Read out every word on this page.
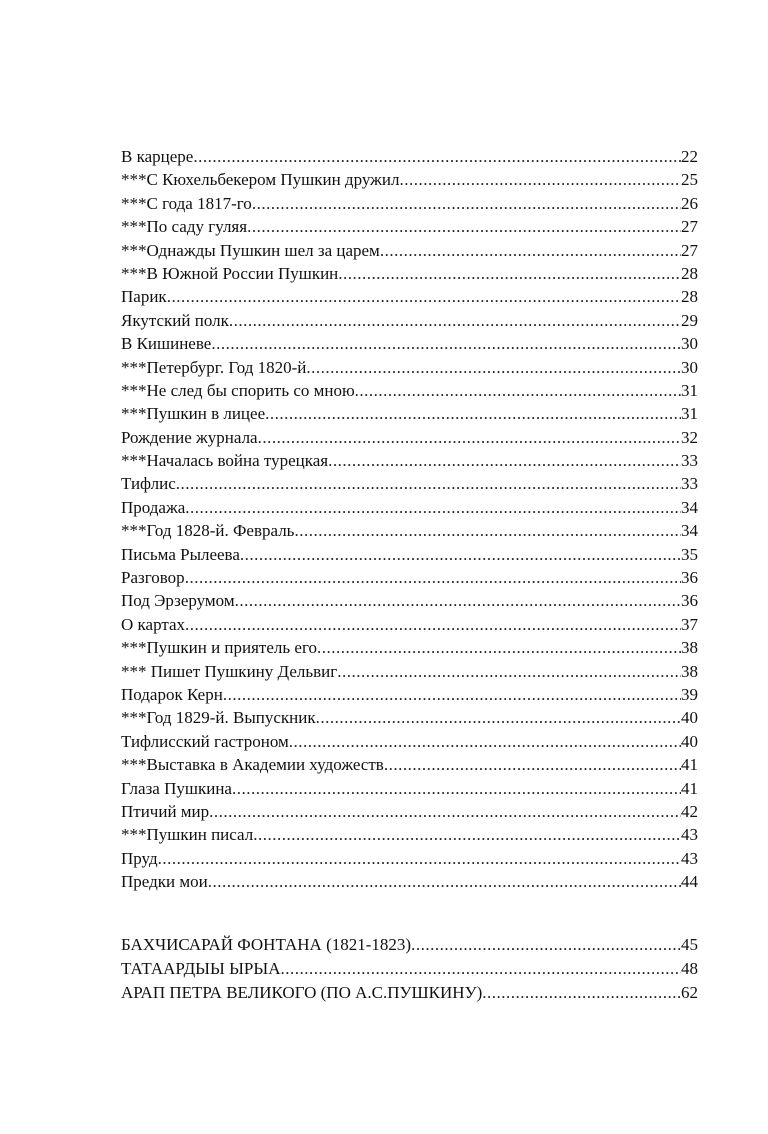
В карцере .....	22
***С Кюхельбекером Пушкин дружил .....	25
***С года 1817-го .....	26
***По саду гуляя .....	27
***Однажды Пушкин шел за царем .....	27
***В Южной России Пушкин .....	28
Парик .....	28
Якутский полк .....	29
В Кишиневе .....	30
***Петербург. Год 1820-й .....	30
***Не след бы спорить со мною .....	31
***Пушкин в лицее .....	31
Рождение журнала .....	32
***Началась война турецкая .....	33
Тифлис .....	33
Продажа .....	34
***Год 1828-й. Февраль .....	34
Письма Рылеева .....	35
Разговор .....	36
Под Эрзерумом .....	36
О картах .....	37
***Пушкин и приятель его .....	38
*** Пишет Пушкину Дельвиг .....	38
Подарок Керн .....	39
***Год 1829-й. Выпускник .....	40
Тифлисский гастроном .....	40
***Выставка в Академии художеств .....	41
Глаза Пушкина .....	41
Птичий мир .....	42
***Пушкин писал .....	43
Пруд .....	43
Предки мои .....	44
БАХЧИСАРАЙ ФОНТАНА (1821-1823) .....	45
ТАТААРДЫЫ ЫРЫА .....	48
АРАП ПЕТРА ВЕЛИКОГО (ПО А.С.ПУШКИНУ) .....	62
